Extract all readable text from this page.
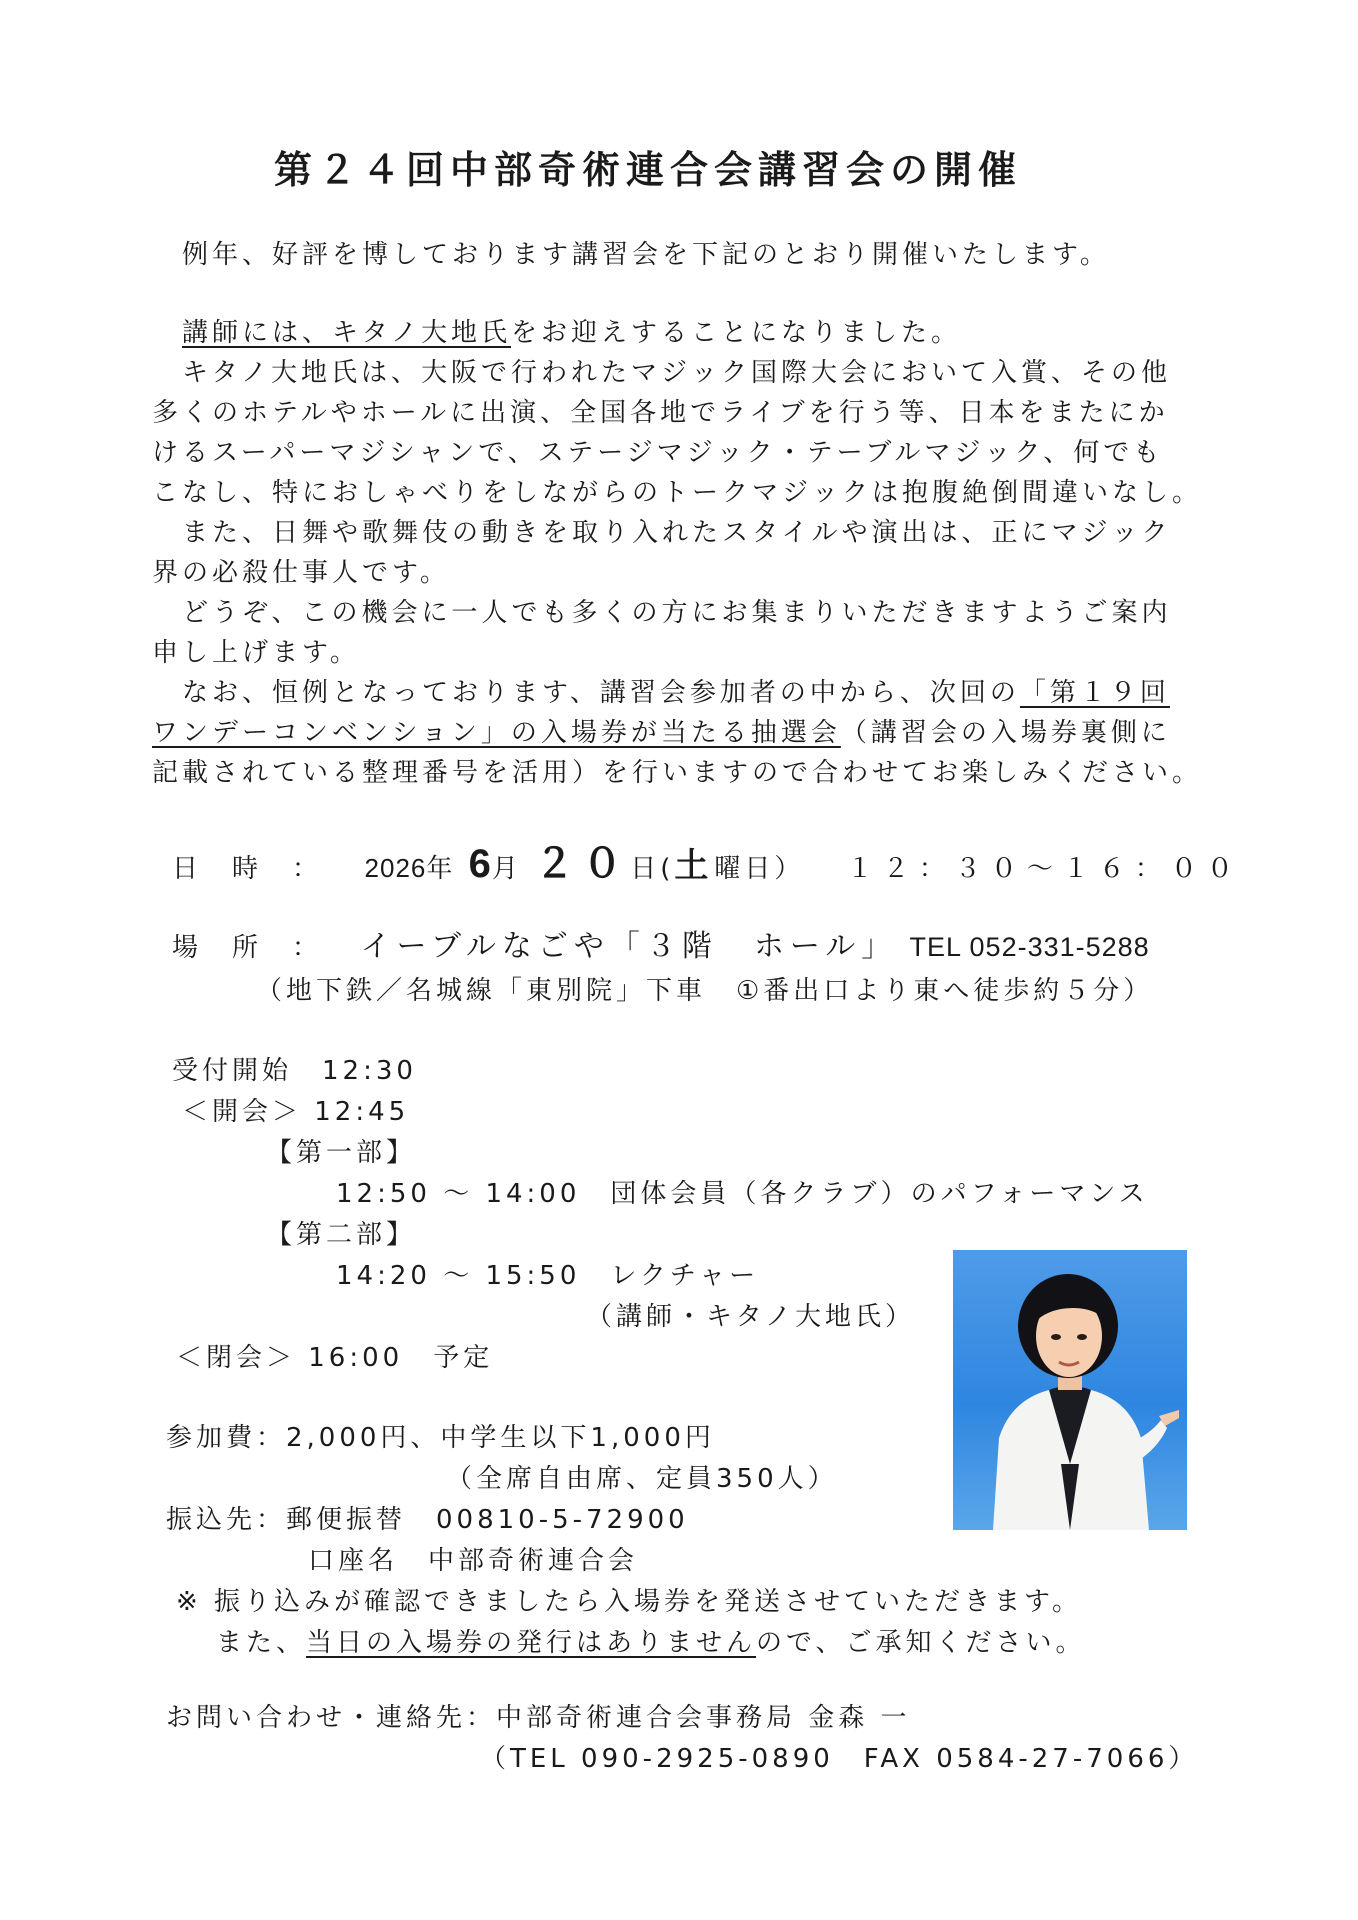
第２４回中部奇術連合会講習会の開催
例年、好評を博しております講習会を下記のとおり開催いたします。
講師には、キタノ大地氏をお迎えすることになりました。
キタノ大地氏は、大阪で行われたマジック国際大会において入賞、その他
多くのホテルやホールに出演、全国各地でライブを行う等、日本をまたにか
けるスーパーマジシャンで、ステージマジック・テーブルマジック、何でも
こなし、特におしゃべりをしながらのトークマジックは抱腹絶倒間違いなし。
また、日舞や歌舞伎の動きを取り入れたスタイルや演出は、正にマジック
界の必殺仕事人です。
どうぞ、この機会に一人でも多くの方にお集まりいただきますようご案内
申し上げます。
なお、恒例となっております、講習会参加者の中から、次回の「第１９回
ワンデーコンベンション」の入場券が当たる抽選会（講習会の入場券裏側に
記載されている整理番号を活用）を行いますので合わせてお楽しみください。
日　時　： 2026年 6月 ２０日(土曜日） １２：３０〜１６：００
場　所　： イーブルなごや「３階　ホール」 TEL 052-331-5288
（地下鉄／名城線「東別院」下車　①番出口より東へ徒歩約５分）
受付開始　12:30
＜開会＞ 12:45
【第一部】
12:50 〜 14:00　団体会員（各クラブ）のパフォーマンス
【第二部】
14:20 〜 15:50　レクチャー
（講師・キタノ大地氏）
＜閉会＞ 16:00　予定
参加費：2,000円、中学生以下1,000円
（全席自由席、定員350人）
振込先：郵便振替　00810-5-72900
口座名　中部奇術連合会
※ 振り込みが確認できましたら入場券を発送させていただきます。
また、当日の入場券の発行はありませんので、ご承知ください。
お問い合わせ・連絡先：中部奇術連合会事務局 金森 一
（TEL 090-2925-0890　FAX 0584-27-7066）
